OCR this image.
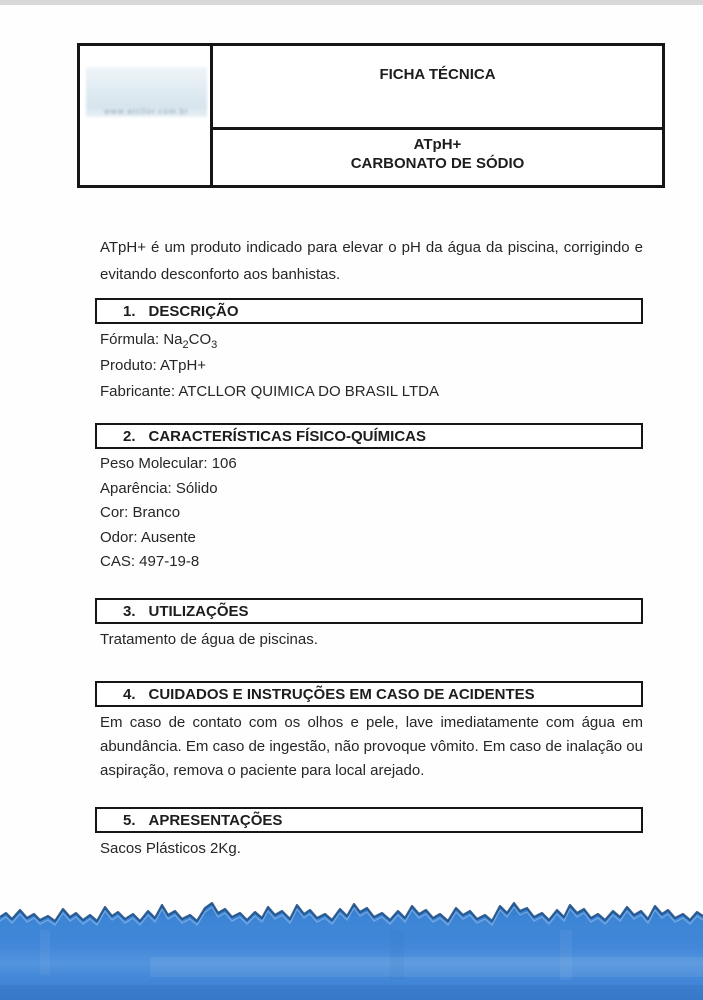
www.atcllor.com.br
FICHA TÉCNICA
ATpH+
CARBONATO DE SÓDIO

ATpH+ é um produto indicado para elevar o pH da água da piscina, corrigindo e evitando desconforto aos banhistas.

1. DESCRIÇÃO
Fórmula: $Na_2CO_3$
Produto: ATpH+
Fabricante: ATCLLOR QUIMICA DO BRASIL LTDA
2. CARACTERÍSTICAS FÍSICO-QUÍMICAS
Peso Molecular: 106
Aparência: Sólido
Cor: Branco
Odor: Ausente
CAS: 497-19-8
3. UTILIZAÇÕES
Tratamento de água de piscinas.
4. CUIDADOS E INSTRUÇÕES EM CASO DE ACIDENTES

Em caso de contato com os olhos e pele, lave imediatamente com água em abundância. Em caso de ingestão, não provoque vômito. Em caso de inalação ou aspiração, remova o paciente para local arejado.

5. APRESENTAÇÕES
Sacos Plásticos 2Kg.
